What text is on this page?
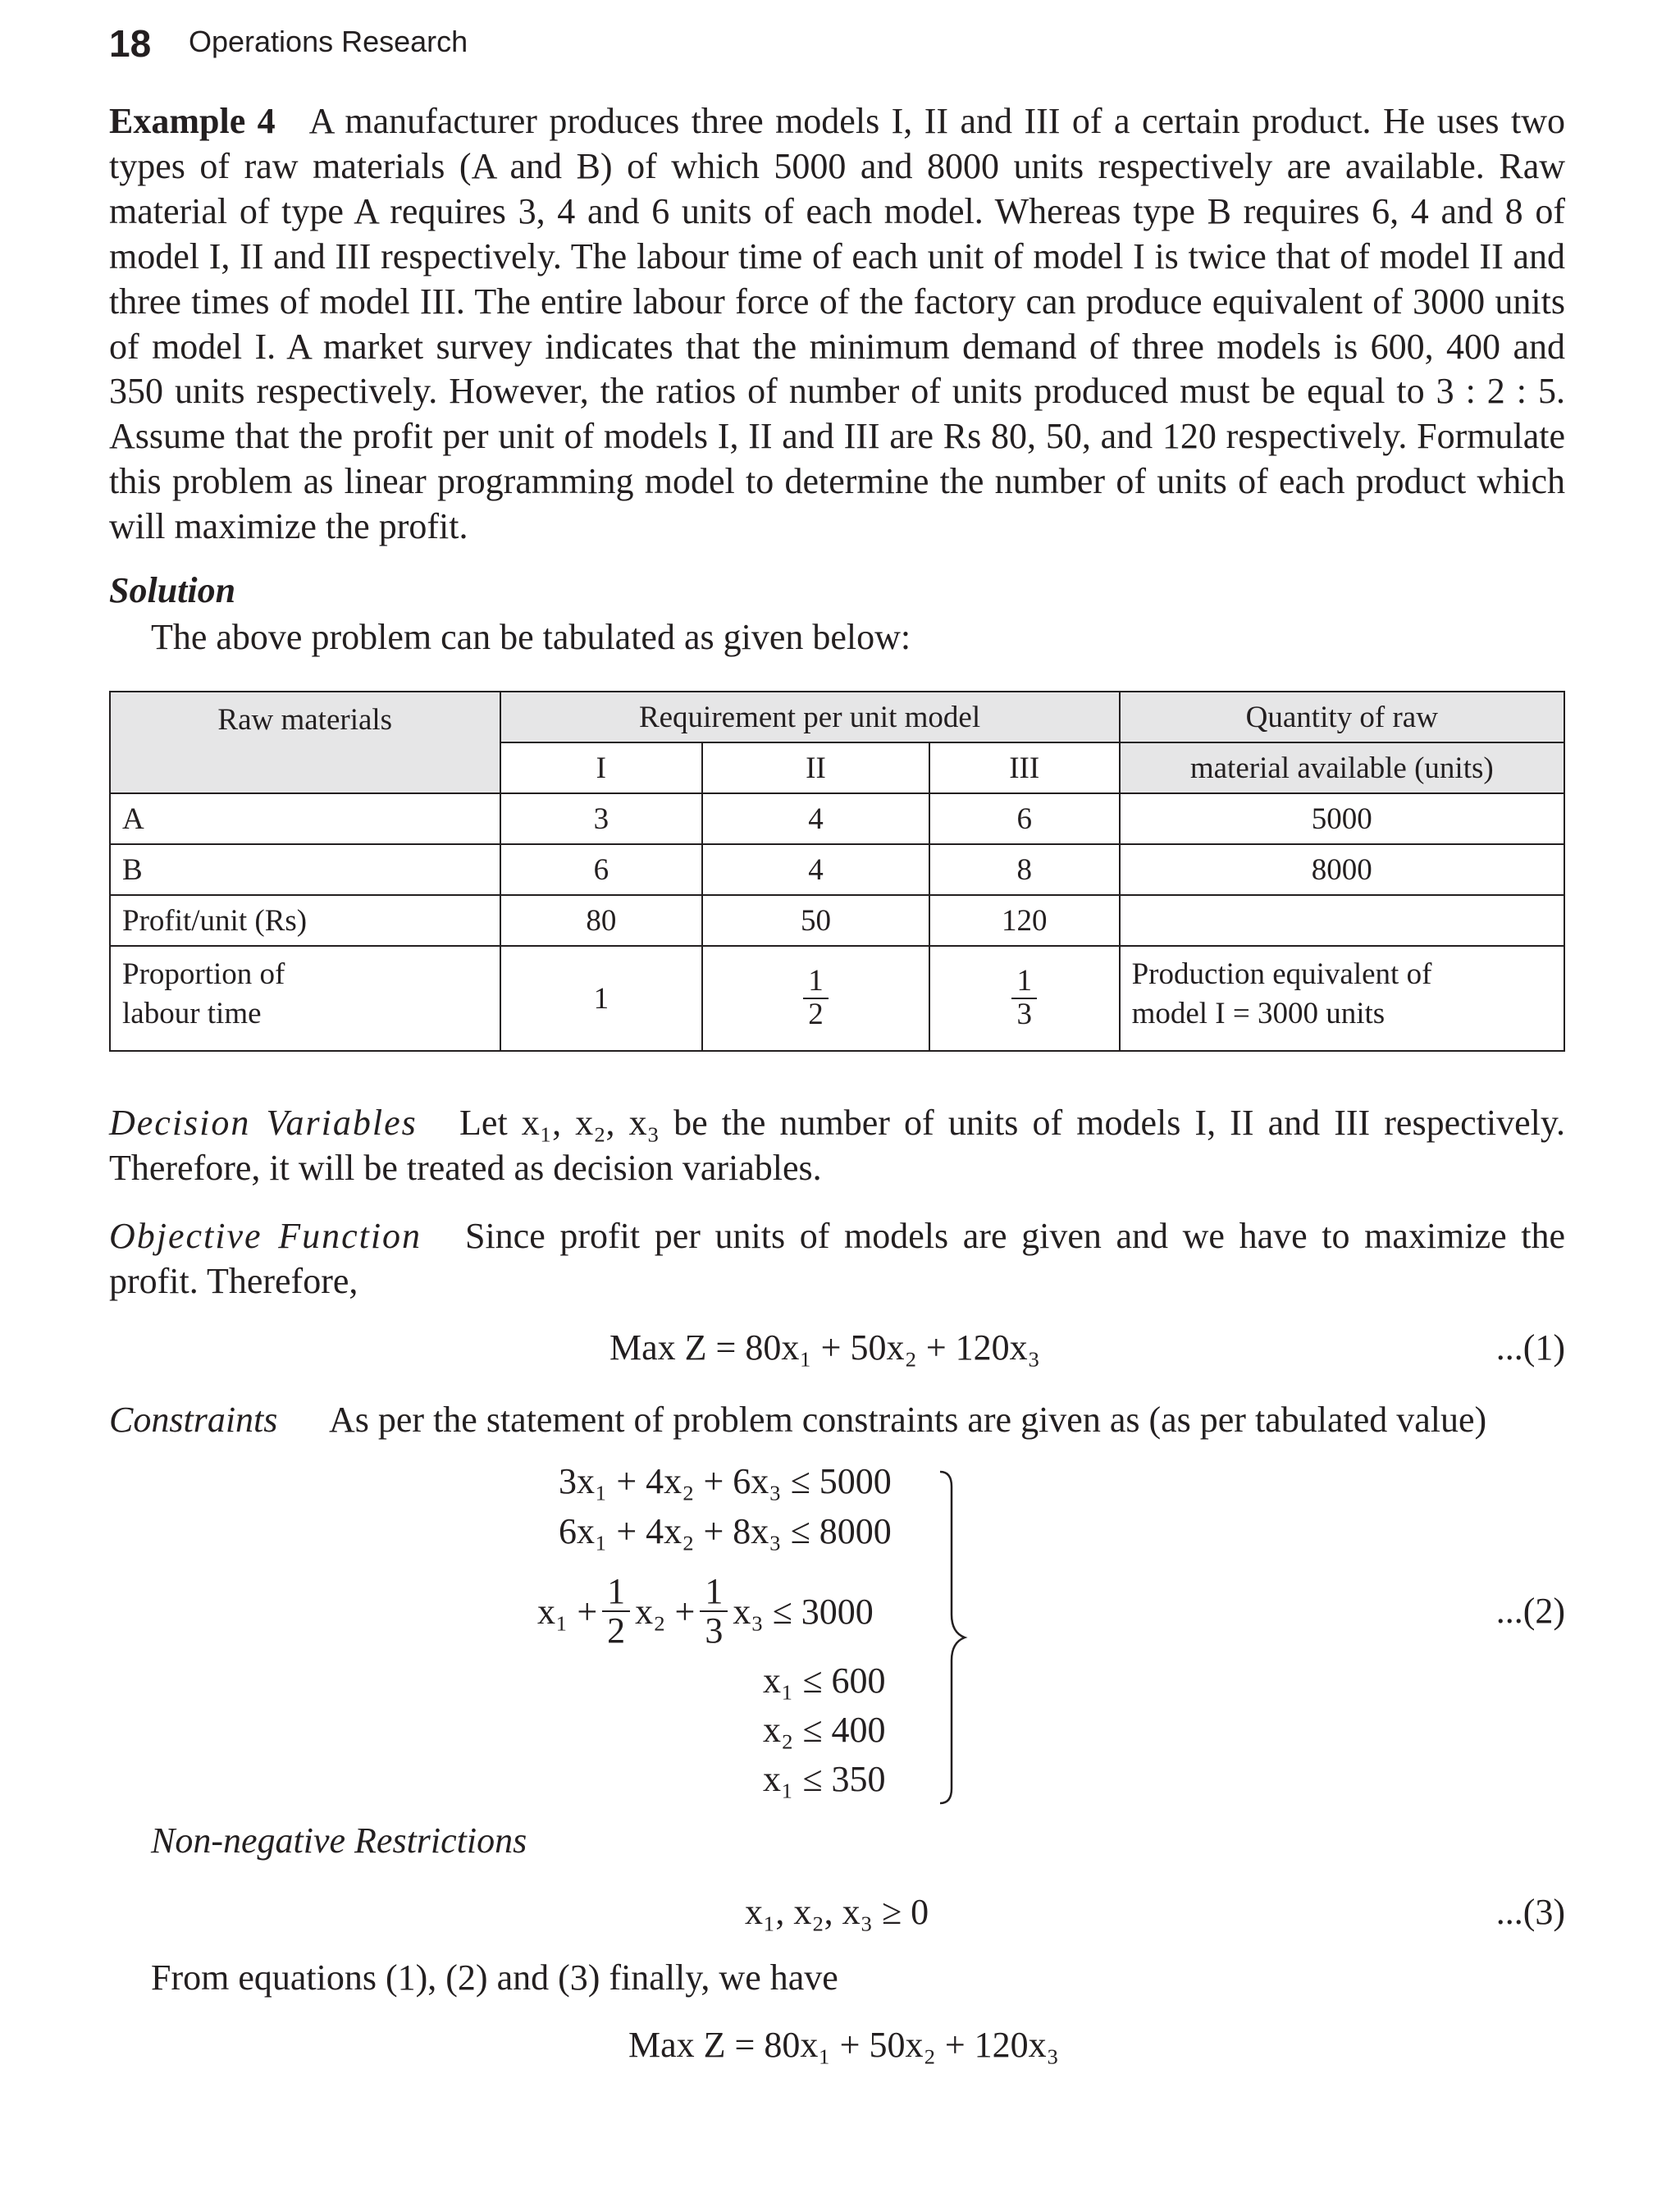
18 Operations Research
Example 4 A manufacturer produces three models I, II and III of a certain product. He uses two types of raw materials (A and B) of which 5000 and 8000 units respectively are available. Raw material of type A requires 3, 4 and 6 units of each model. Whereas type B requires 6, 4 and 8 of model I, II and III respectively. The labour time of each unit of model I is twice that of model II and three times of model III. The entire labour force of the factory can produce equivalent of 3000 units of model I. A market survey indicates that the minimum demand of three models is 600, 400 and 350 units respectively. However, the ratios of number of units produced must be equal to 3 : 2 : 5. Assume that the profit per unit of models I, II and III are Rs 80, 50, and 120 respectively. Formulate this problem as linear programming model to determine the number of units of each product which will maximize the profit.
Solution
The above problem can be tabulated as given below:
Raw materials	Requirement per unit model			Quantity of raw
	I	II	III	material available (units)
A	3	4	6	5000
B	6	4	8	8000
Profit/unit (Rs)	80	50	120	
Proportion of
labour time	1	$\frac{1}{2}$	$\frac{1}{3}$	Production equivalent of
model I = 3000 units
Decision Variables Let x₁, x₂, x₃ be the number of units of models I, II and III respectively. Therefore, it will be treated as decision variables.
Objective Function Since profit per units of models are given and we have to maximize the profit. Therefore,
Max Z = 80x₁ + 50x₂ + 120x₃	...(1)
Constraints As per the statement of problem constraints are given as (as per tabulated value)
3x₁ + 4x₂ + 6x₃ ≤ 5000
6x₁ + 4x₂ + 8x₃ ≤ 8000
$x_1 + \frac{1}{2} x_2 + \frac{1}{3} x_3 \le 3000$
x₁ ≤ 600
x₂ ≤ 400
x₁ ≤ 350
...(2)
Non-negative Restrictions
x₁, x₂, x₃ ≥ 0	...(3)
From equations (1), (2) and (3) finally, we have
Max Z = 80x₁ + 50x₂ + 120x₃
